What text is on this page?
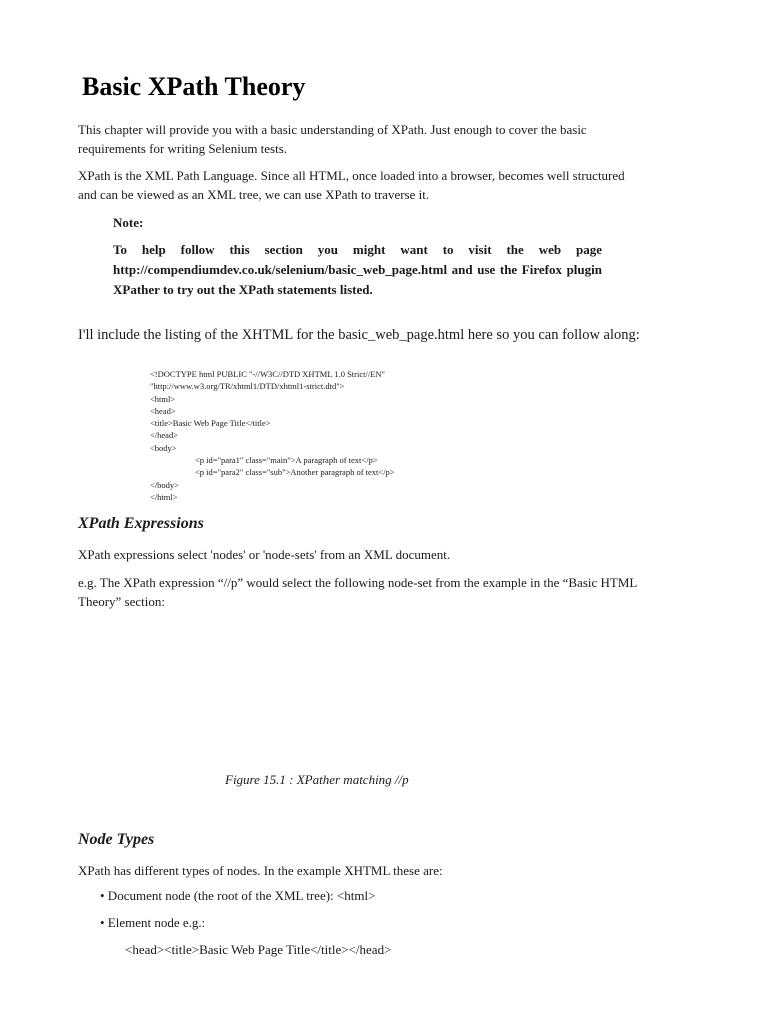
Basic XPath Theory
This chapter will provide you with a basic understanding of XPath. Just enough to cover the basic requirements for writing Selenium tests.
XPath is the XML Path Language. Since all HTML, once loaded into a browser, becomes well structured and can be viewed as an XML tree, we can use XPath to traverse it.
Note:
To help follow this section you might want to visit the web page http://compendiumdev.co.uk/selenium/basic_web_page.html and use the Firefox plugin XPather to try out the XPath statements listed.
I'll include the listing of the XHTML for the basic_web_page.html here so you can follow along:
<!DOCTYPE html PUBLIC "-//W3C//DTD XHTML 1.0 Strict//EN"
"http://www.w3.org/TR/xhtml1/DTD/xhtml1-strict.dtd">
<html>
<head>
<title>Basic Web Page Title</title>
</head>
<body>
<p id="para1" class="main">A paragraph of text</p>
<p id="para2" class="sub">Another paragraph of text</p>
</body>
</html>
XPath Expressions
XPath expressions select 'nodes' or 'node-sets' from an XML document.
e.g. The XPath expression “//p” would select the following node-set from the example in the “Basic HTML Theory” section:
Figure 15.1 : XPather matching //p
Node Types
XPath has different types of nodes. In the example XHTML these are:
• Document node (the root of the XML tree): <html>
• Element node e.g.:
<head><title>Basic Web Page Title</title></head>
